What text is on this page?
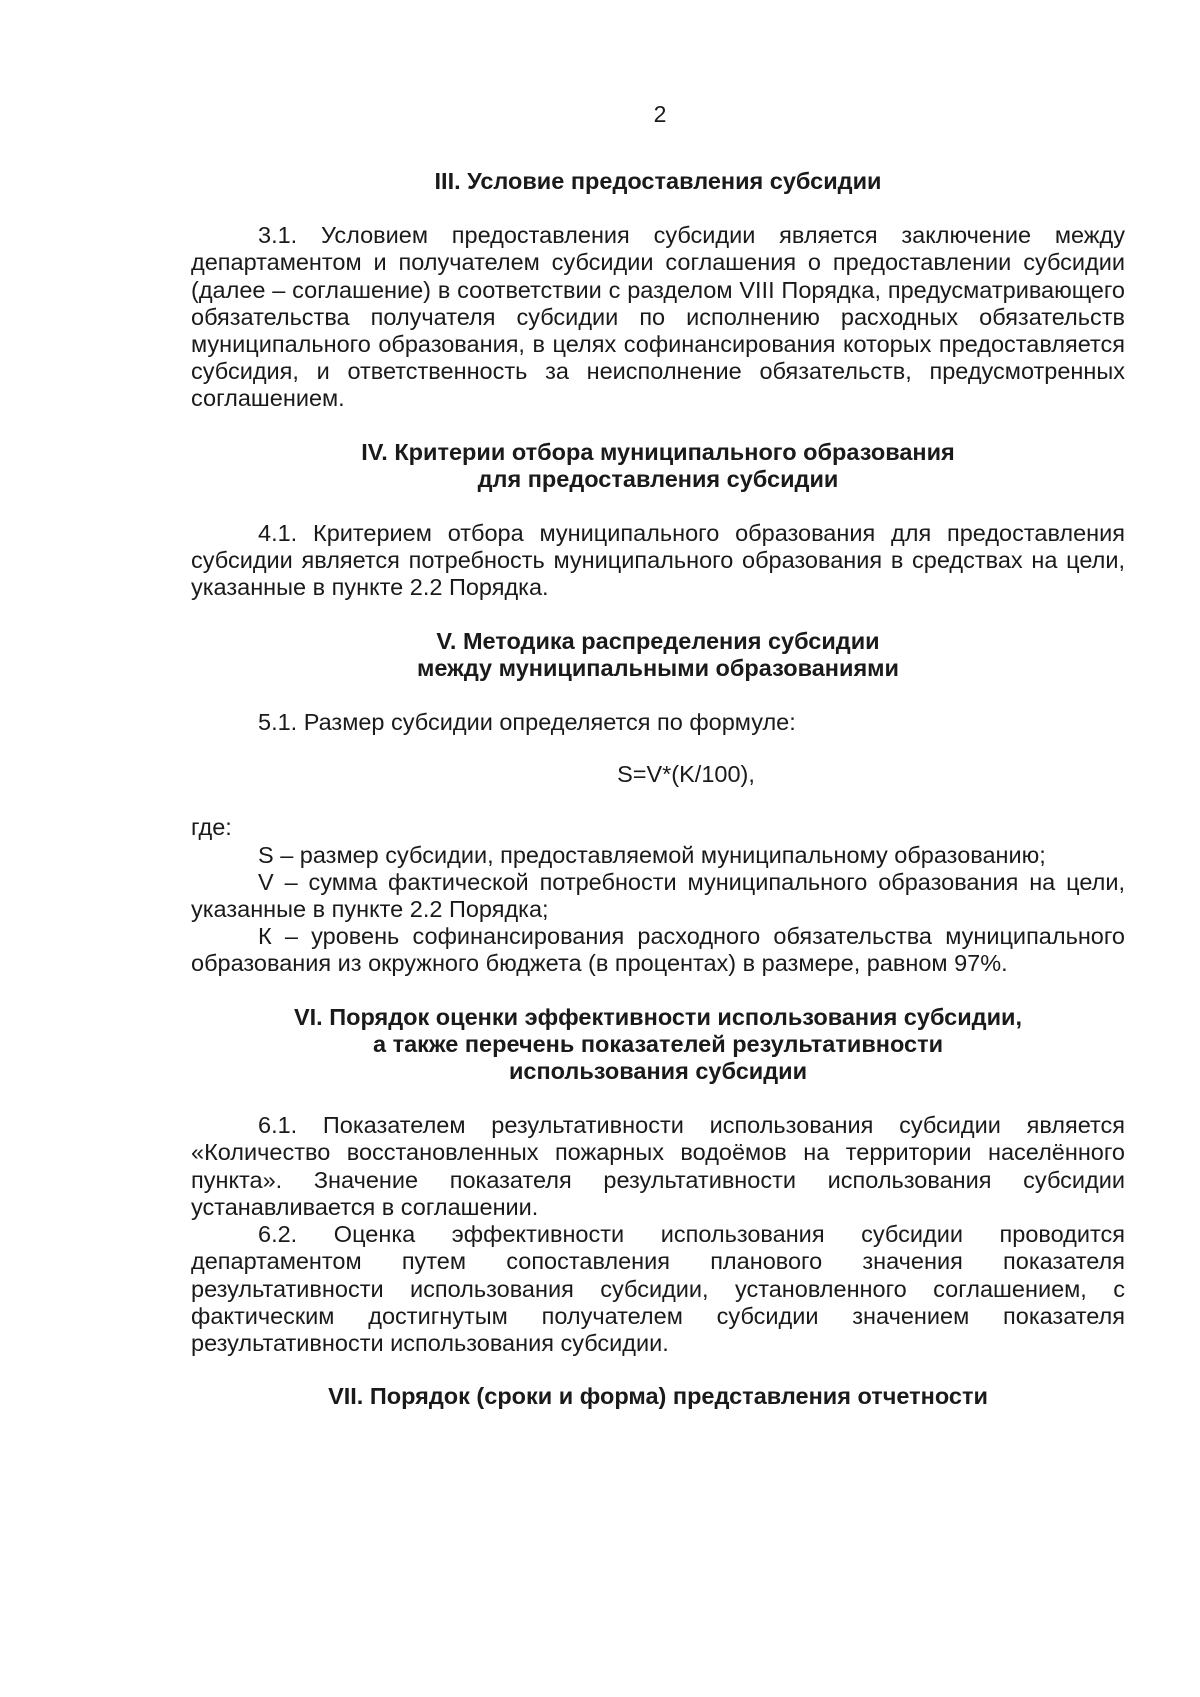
2
III. Условие предоставления субсидии

3.1. Условием предоставления субсидии является заключение между департаментом и получателем субсидии соглашения о предоставлении субсидии (далее – соглашение) в соответствии с разделом VIII Порядка, предусматривающего обязательства получателя субсидии по исполнению расходных обязательств муниципального образования, в целях софинансирования которых предоставляется субсидия, и ответственность за неисполнение обязательств, предусмотренных соглашением.

IV. Критерии отбора муниципального образования
для предоставления субсидии

4.1. Критерием отбора муниципального образования для предоставления субсидии является потребность муниципального образования в средствах на цели, указанные в пункте 2.2 Порядка.

V. Методика распределения субсидии
между муниципальными образованиями

5.1. Размер субсидии определяется по формуле:

S=V*(K/100),

где:

S – размер субсидии, предоставляемой муниципальному образованию;

V – сумма фактической потребности муниципального образования на цели, указанные в пункте 2.2 Порядка;

К – уровень софинансирования расходного обязательства муниципального образования из окружного бюджета (в процентах) в размере, равном 97%.

VI. Порядок оценки эффективности использования субсидии,
а также перечень показателей результативности
использования субсидии

6.1. Показателем результативности использования субсидии является «Количество восстановленных пожарных водоёмов на территории населённого пункта». Значение показателя результативности использования субсидии устанавливается в соглашении.

6.2. Оценка эффективности использования субсидии проводится департаментом путем сопоставления планового значения показателя результативности использования субсидии, установленного соглашением, с фактическим достигнутым получателем субсидии значением показателя результативности использования субсидии.

VII. Порядок (сроки и форма) представления отчетности
